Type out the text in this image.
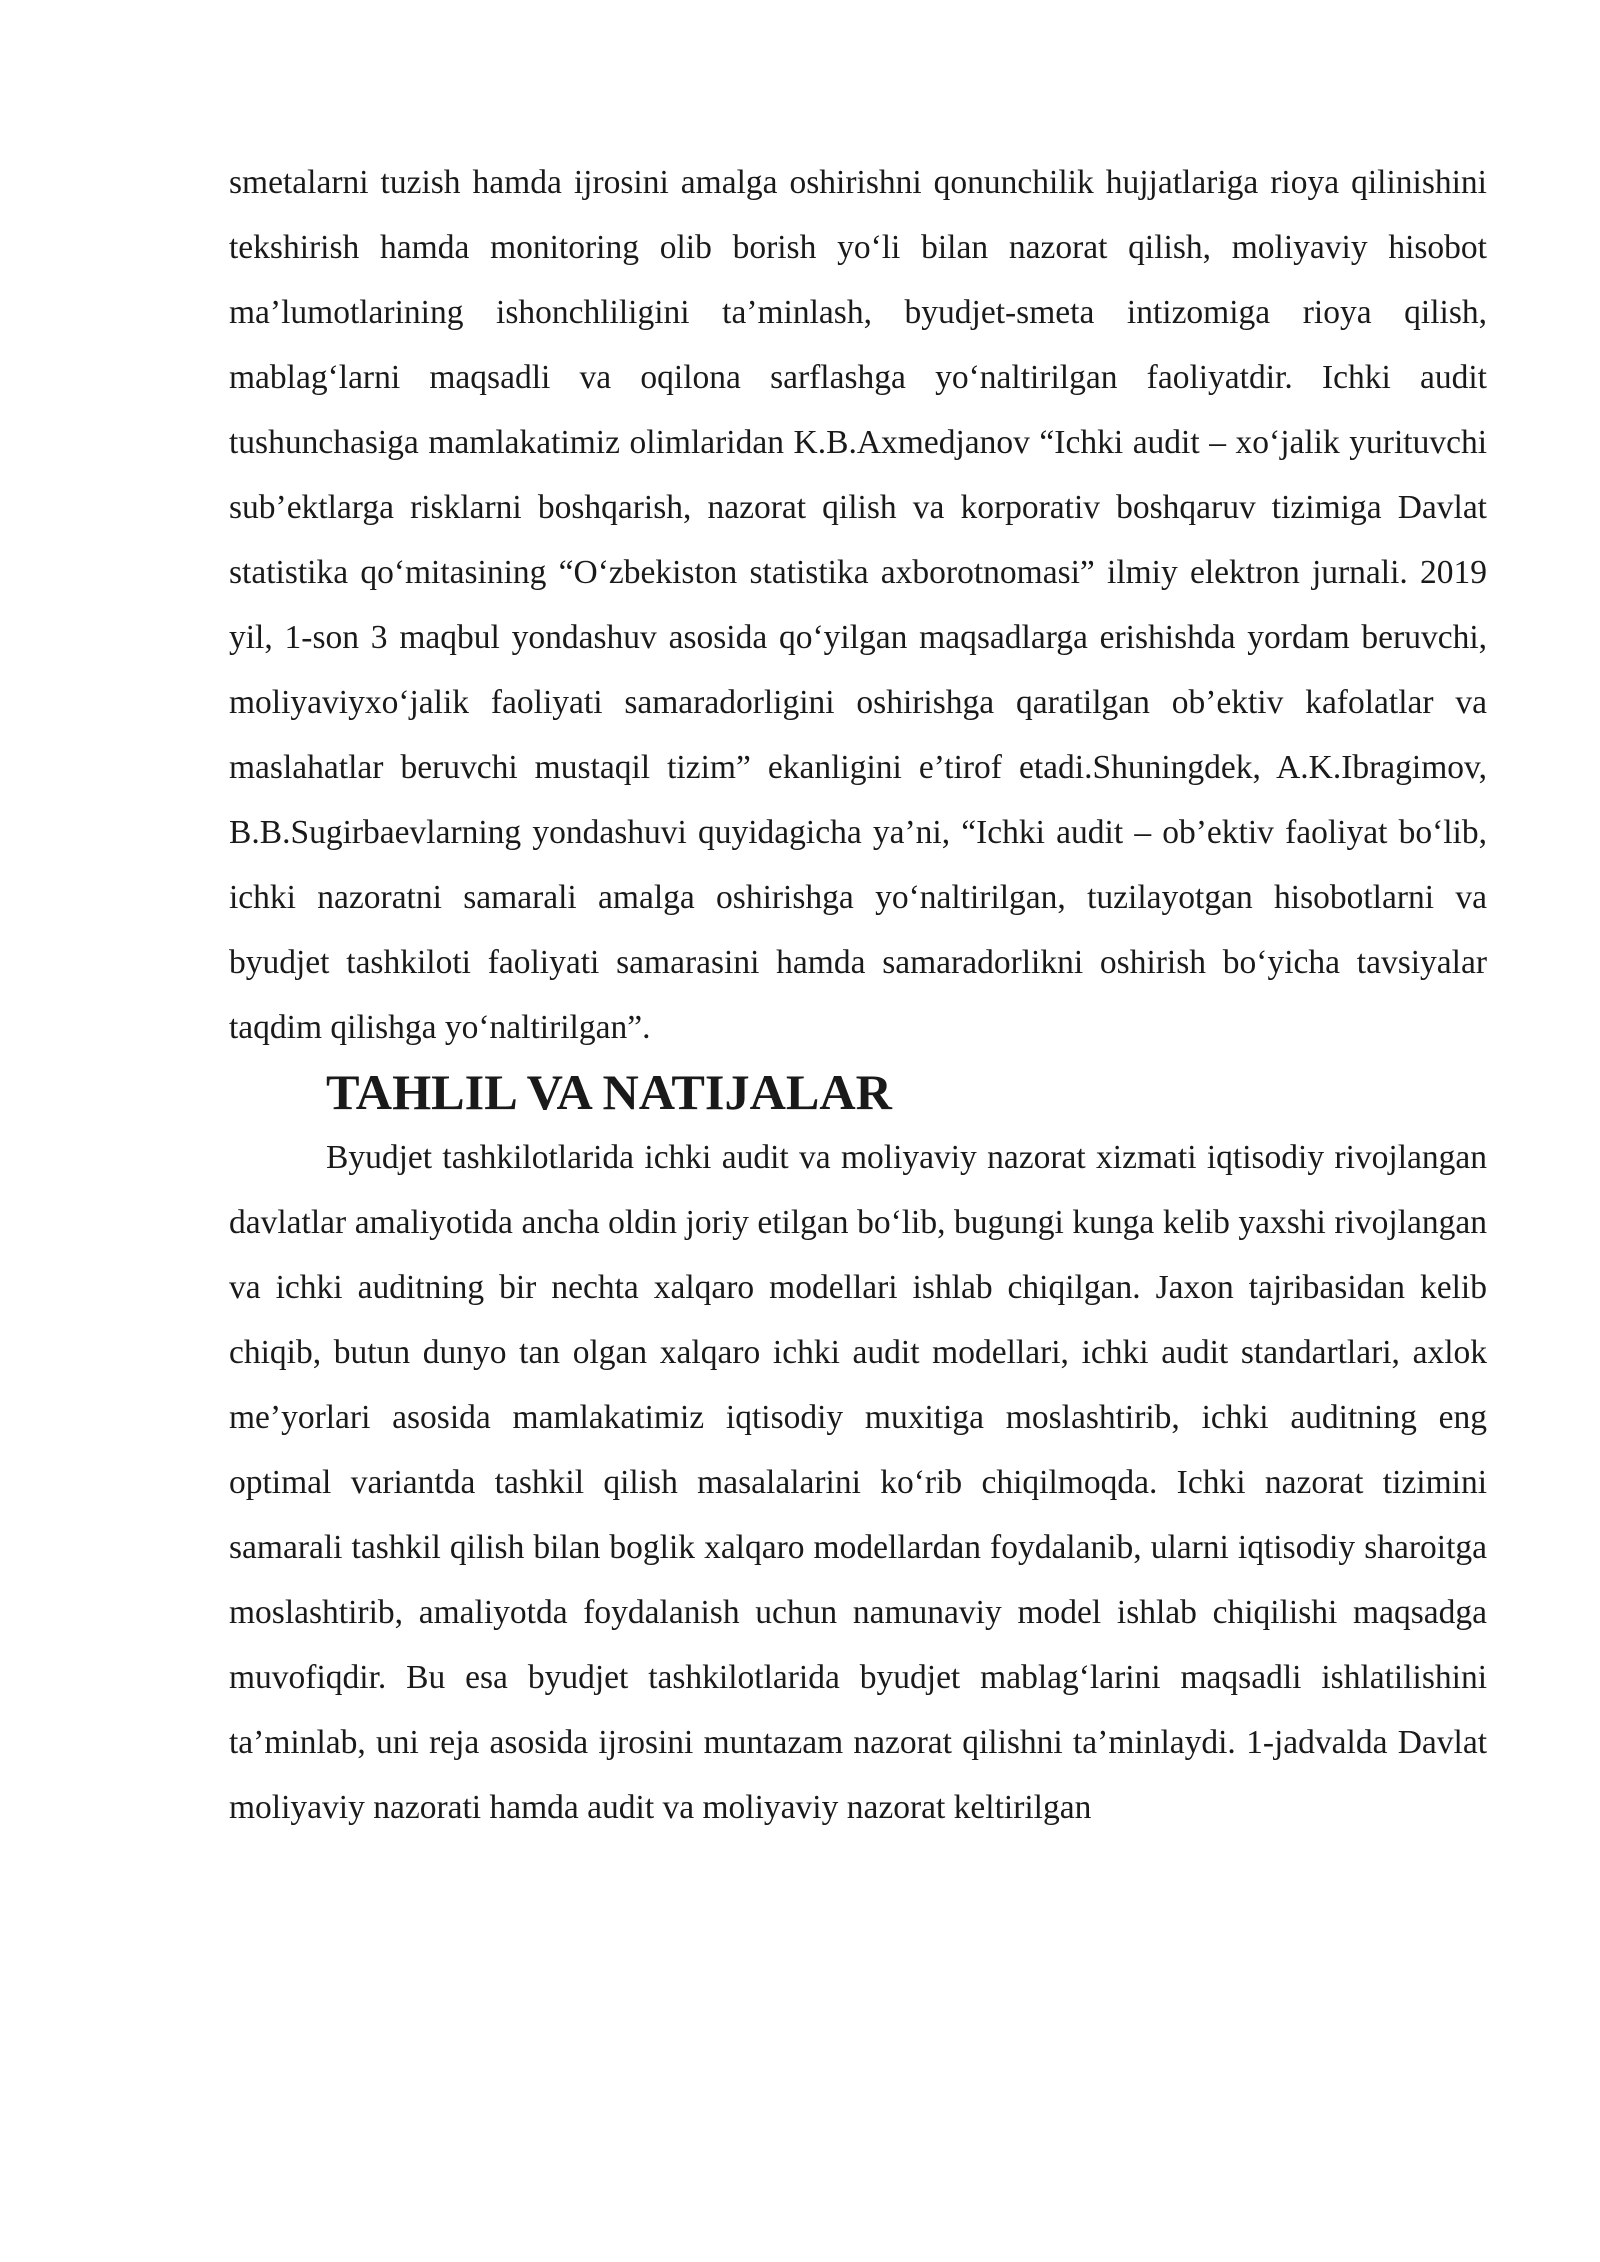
smetalarni tuzish hamda ijrosini amalga oshirishni qonunchilik hujjatlariga rioya qilinishini tekshirish hamda monitoring olib borish yo‘li bilan nazorat qilish, moliyaviy hisobot ma’lumotlarining ishonchliligini ta’minlash, byudjet-smeta intizomiga rioya qilish, mablag‘larni maqsadli va oqilona sarflashga yo‘naltirilgan faoliyatdir. Ichki audit tushunchasiga mamlakatimiz olimlaridan K.B.Axmedjanov “Ichki audit – xo‘jalik yurituvchi sub’ektlarga risklarni boshqarish, nazorat qilish va korporativ boshqaruv tizimiga Davlat statistika qo‘mitasining “O‘zbekiston statistika axborotnomasi” ilmiy elektron jurnali. 2019 yil, 1-son 3 maqbul yondashuv asosida qo‘yilgan maqsadlarga erishishda yordam beruvchi, moliyaviyxo‘jalik faoliyati samaradorligini oshirishga qaratilgan ob’ektiv kafolatlar va maslahatlar beruvchi mustaqil tizim” ekanligini e’tirof etadi.Shuningdek, A.K.Ibragimov, B.B.Sugirbaevlarning yondashuvi quyidagicha ya’ni, “Ichki audit – ob’ektiv faoliyat bo‘lib, ichki nazoratni samarali amalga oshirishga yo‘naltirilgan, tuzilayotgan hisobotlarni va byudjet tashkiloti faoliyati samarasini hamda samaradorlikni oshirish bo‘yicha tavsiyalar taqdim qilishga yo‘naltirilgan”.

TAHLIL VA NATIJALAR

Byudjet tashkilotlarida ichki audit va moliyaviy nazorat xizmati iqtisodiy rivojlangan davlatlar amaliyotida ancha oldin joriy etilgan bo‘lib, bugungi kunga kelib yaxshi rivojlangan va ichki auditning bir nechta xalqaro modellari ishlab chiqilgan. Jaxon tajribasidan kelib chiqib, butun dunyo tan olgan xalqaro ichki audit modellari, ichki audit standartlari, axlok me’yorlari asosida mamlakatimiz iqtisodiy muxitiga moslashtirib, ichki auditning eng optimal variantda tashkil qilish masalalarini ko‘rib chiqilmoqda. Ichki nazorat tizimini samarali tashkil qilish bilan boglik xalqaro modellardan foydalanib, ularni iqtisodiy sharoitga moslashtirib, amaliyotda foydalanish uchun namunaviy model ishlab chiqilishi maqsadga muvofiqdir. Bu esa byudjet tashkilotlarida byudjet mablag‘larini maqsadli ishlatilishini ta’minlab, uni reja asosida ijrosini muntazam nazorat qilishni ta’minlaydi. 1-jadvalda Davlat moliyaviy nazorati hamda audit va moliyaviy nazorat keltirilgan
